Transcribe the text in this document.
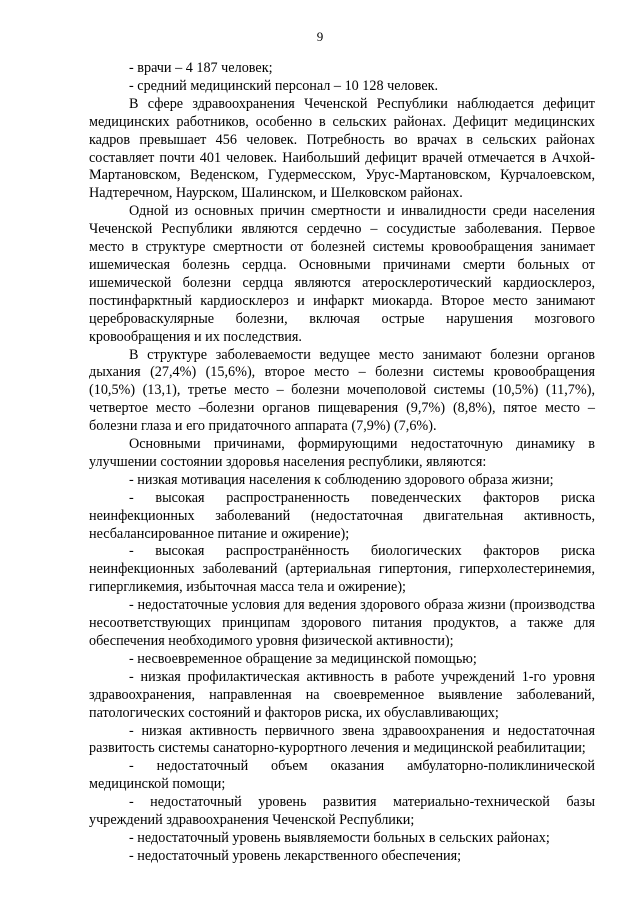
9

- врачи – 4 187 человек;

- средний медицинский персонал – 10 128 человек.

В сфере здравоохранения Чеченской Республики наблюдается дефицит медицинских работников, особенно в сельских районах. Дефицит медицинских кадров превышает 456 человек. Потребность во врачах в сельских районах составляет почти 401 человек. Наибольший дефицит врачей отмечается в Ачхой-Мартановском, Веденском, Гудермесском, Урус-Мартановском, Курчалоевском, Надтеречном, Наурском, Шалинском, и Шелковском районах.

Одной из основных причин смертности и инвалидности среди населения Чеченской Республики являются сердечно – сосудистые заболевания. Первое место в структуре смертности от болезней системы кровообращения занимает ишемическая болезнь сердца. Основными причинами смерти больных от ишемической болезни сердца являются атеросклеротический кардиосклероз, постинфарктный кардиосклероз и инфаркт миокарда. Второе место занимают цереброваскулярные болезни, включая острые нарушения мозгового кровообращения и их последствия.

В структуре заболеваемости ведущее место занимают болезни органов дыхания (27,4%) (15,6%), второе место – болезни системы кровообращения (10,5%) (13,1), третье место – болезни мочеполовой системы (10,5%) (11,7%), четвертое место –болезни органов пищеварения (9,7%) (8,8%), пятое место – болезни глаза и его придаточного аппарата (7,9%) (7,6%).

Основными причинами, формирующими недостаточную динамику в улучшении состоянии здоровья населения республики, являются:

- низкая мотивация населения к соблюдению здорового образа жизни;

- высокая распространенность поведенческих факторов риска неинфекционных заболеваний (недостаточная двигательная активность, несбалансированное питание и ожирение);

- высокая распространённость биологических факторов риска неинфекционных заболеваний (артериальная гипертония, гиперхолестеринемия, гипергликемия, избыточная масса тела и ожирение);

- недостаточные условия для ведения здорового образа жизни (производства несоответствующих принципам здорового питания продуктов, а также для обеспечения необходимого уровня физической активности);

- несвоевременное обращение за медицинской помощью;

- низкая профилактическая активность в работе учреждений 1-го уровня здравоохранения, направленная на своевременное выявление заболеваний, патологических состояний и факторов риска, их обуславливающих;

- низкая активность первичного звена здравоохранения и недостаточная развитость системы санаторно-курортного лечения и медицинской реабилитации;

- недостаточный объем оказания амбулаторно-поликлинической медицинской помощи;

- недостаточный уровень развития материально-технической базы учреждений здравоохранения Чеченской Республики;

- недостаточный уровень выявляемости больных в сельских районах;

- недостаточный уровень лекарственного обеспечения;
